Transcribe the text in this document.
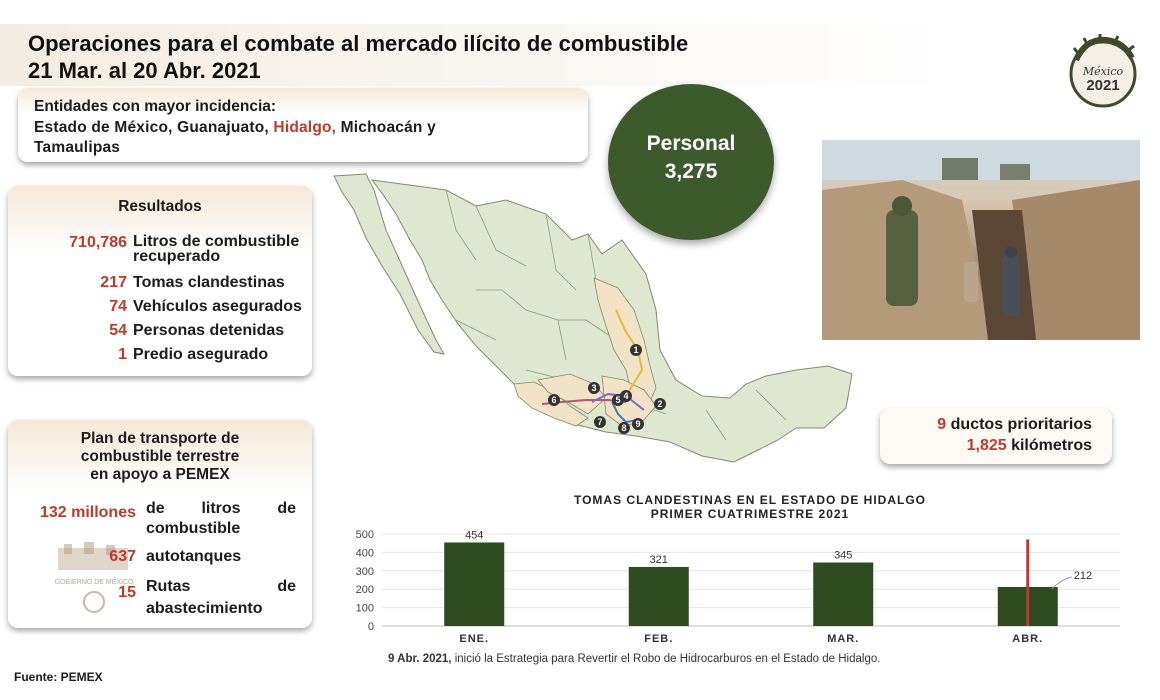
Operaciones para el combate al mercado ilícito de combustible
21 Mar. al 20 Abr. 2021	México
2021
Entidades con mayor incidencia:
Estado de México, Guanajuato, Hidalgo, Michoacán y
Tamaulipas
Resultados
710,786 Litros de combustible
recuperado
217 Tomas clandestinas
74 Vehículos asegurados
54 Personas detenidas
1 Predio asegurado
Plan de transporte de
combustible terrestre
en apoyo a PEMEX
GOBIERNO DE MÉXICO
132 millones de litros de
combustible
637 autotanques
15 Rutas de
abastecimiento
Personal
3,275
1
2
3
4
5
6
7
8 9	9 ductos prioritarios
1,825 kilómetros
TOMAS CLANDESTINAS EN EL ESTADO DE HIDALGO
PRIMER CUATRIMESTRE 2021
0
100
200
300
400
500	454
ENE.
321
FEB.
345
MAR.
212
ABR.
9 Abr. 2021, inició la Estrategia para Revertir el Robo de Hidrocarburos en el Estado de Hidalgo.
Fuente: PEMEX
